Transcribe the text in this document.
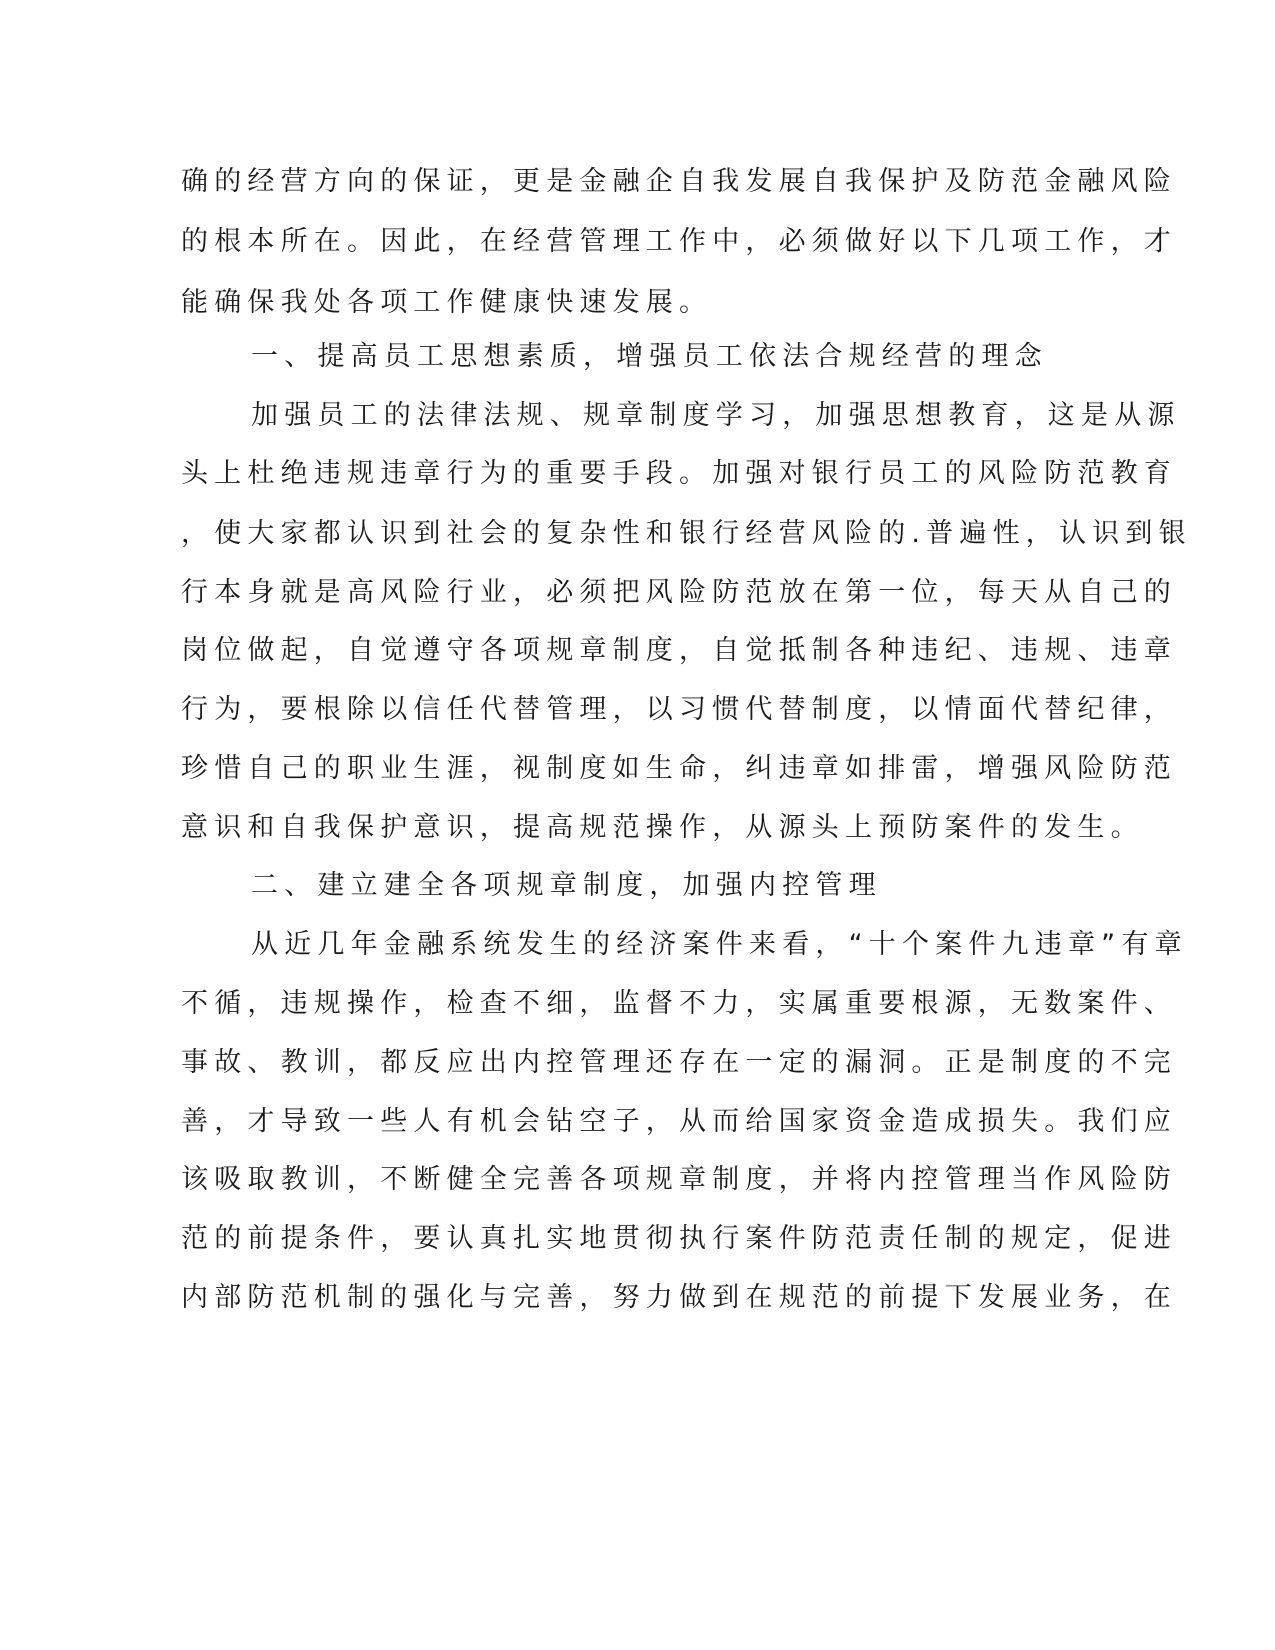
确的经营方向的保证，更是金融企自我发展自我保护及防范金融风险
的根本所在。因此，在经营管理工作中，必须做好以下几项工作，才
能确保我处各项工作健康快速发展。
一、提高员工思想素质，增强员工依法合规经营的理念
加强员工的法律法规、规章制度学习，加强思想教育，这是从源
头上杜绝违规违章行为的重要手段。加强对银行员工的风险防范教育
，使大家都认识到社会的复杂性和银行经营风险的.普遍性，认识到银
行本身就是高风险行业，必须把风险防范放在第一位，每天从自己的
岗位做起，自觉遵守各项规章制度，自觉抵制各种违纪、违规、违章
行为，要根除以信任代替管理，以习惯代替制度，以情面代替纪律，
珍惜自己的职业生涯，视制度如生命，纠违章如排雷，增强风险防范
意识和自我保护意识，提高规范操作，从源头上预防案件的发生。
二、建立建全各项规章制度，加强内控管理
从近几年金融系统发生的经济案件来看，“十个案件九违章”有章
不循，违规操作，检查不细，监督不力，实属重要根源，无数案件、
事故、教训，都反应出内控管理还存在一定的漏洞。正是制度的不完
善，才导致一些人有机会钻空子，从而给国家资金造成损失。我们应
该吸取教训，不断健全完善各项规章制度，并将内控管理当作风险防
范的前提条件，要认真扎实地贯彻执行案件防范责任制的规定，促进
内部防范机制的强化与完善，努力做到在规范的前提下发展业务，在
